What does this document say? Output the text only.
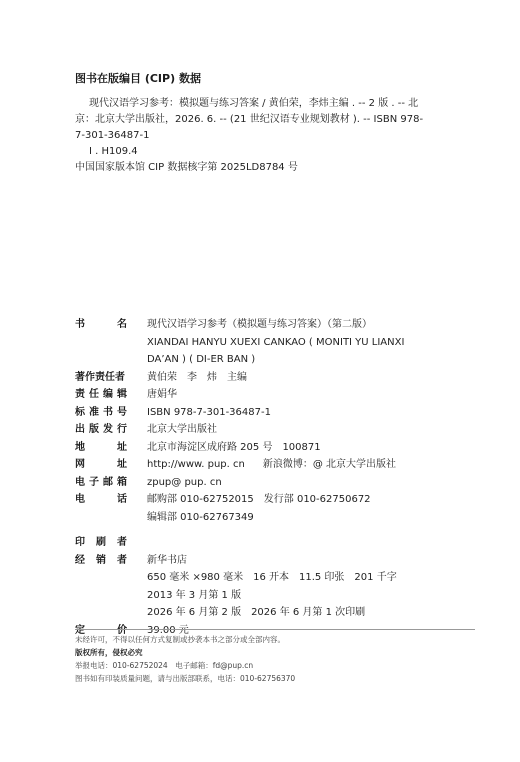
图书在版编目 (CIP) 数据
现代汉语学习参考：模拟题与练习答案 / 黄伯荣，李炜主编 . -- 2 版 . -- 北
京：北京大学出版社，2026. 6. -- (21 世纪汉语专业规划教材 ). -- ISBN 978-
7-301-36487-1
Ⅰ . H109.4
中国国家版本馆 CIP 数据核字第 2025LD8784 号
书	名 现代汉语学习参考（模拟题与练习答案）（第二版）
XIANDAI HANYU XUEXI CANKAO ( MONITI YU LIANXI
DA’AN ) ( DI-ER BAN )
著作责任者 黄伯荣　李　炜　主编
责 任 编 辑 唐娟华
标 准 书 号 ISBN 978-7-301-36487-1
出 版 发 行 北京大学出版社
地	址 北京市海淀区成府路 205 号　100871
网	址 http://www. pup. cn 新浪微博：@ 北京大学出版社
电 子 邮 箱 zpup@ pup. cn
电	话 邮购部 010-62752015　发行部 010-62750672
编辑部 010-62767349
印 刷 者
经 销 者 新华书店
650 毫米 ×980 毫米　16 开本　11.5 印张　201 千字
2013 年 3 月第 1 版
2026 年 6 月第 2 版　2026 年 6 月第 1 次印刷
定	价 39.00 元
未经许可，不得以任何方式复制或抄袭本书之部分或全部内容。
版权所有，侵权必究
举报电话：010-62752024　电子邮箱：fd@pup.cn
图书如有印装质量问题，请与出版部联系，电话：010-62756370
